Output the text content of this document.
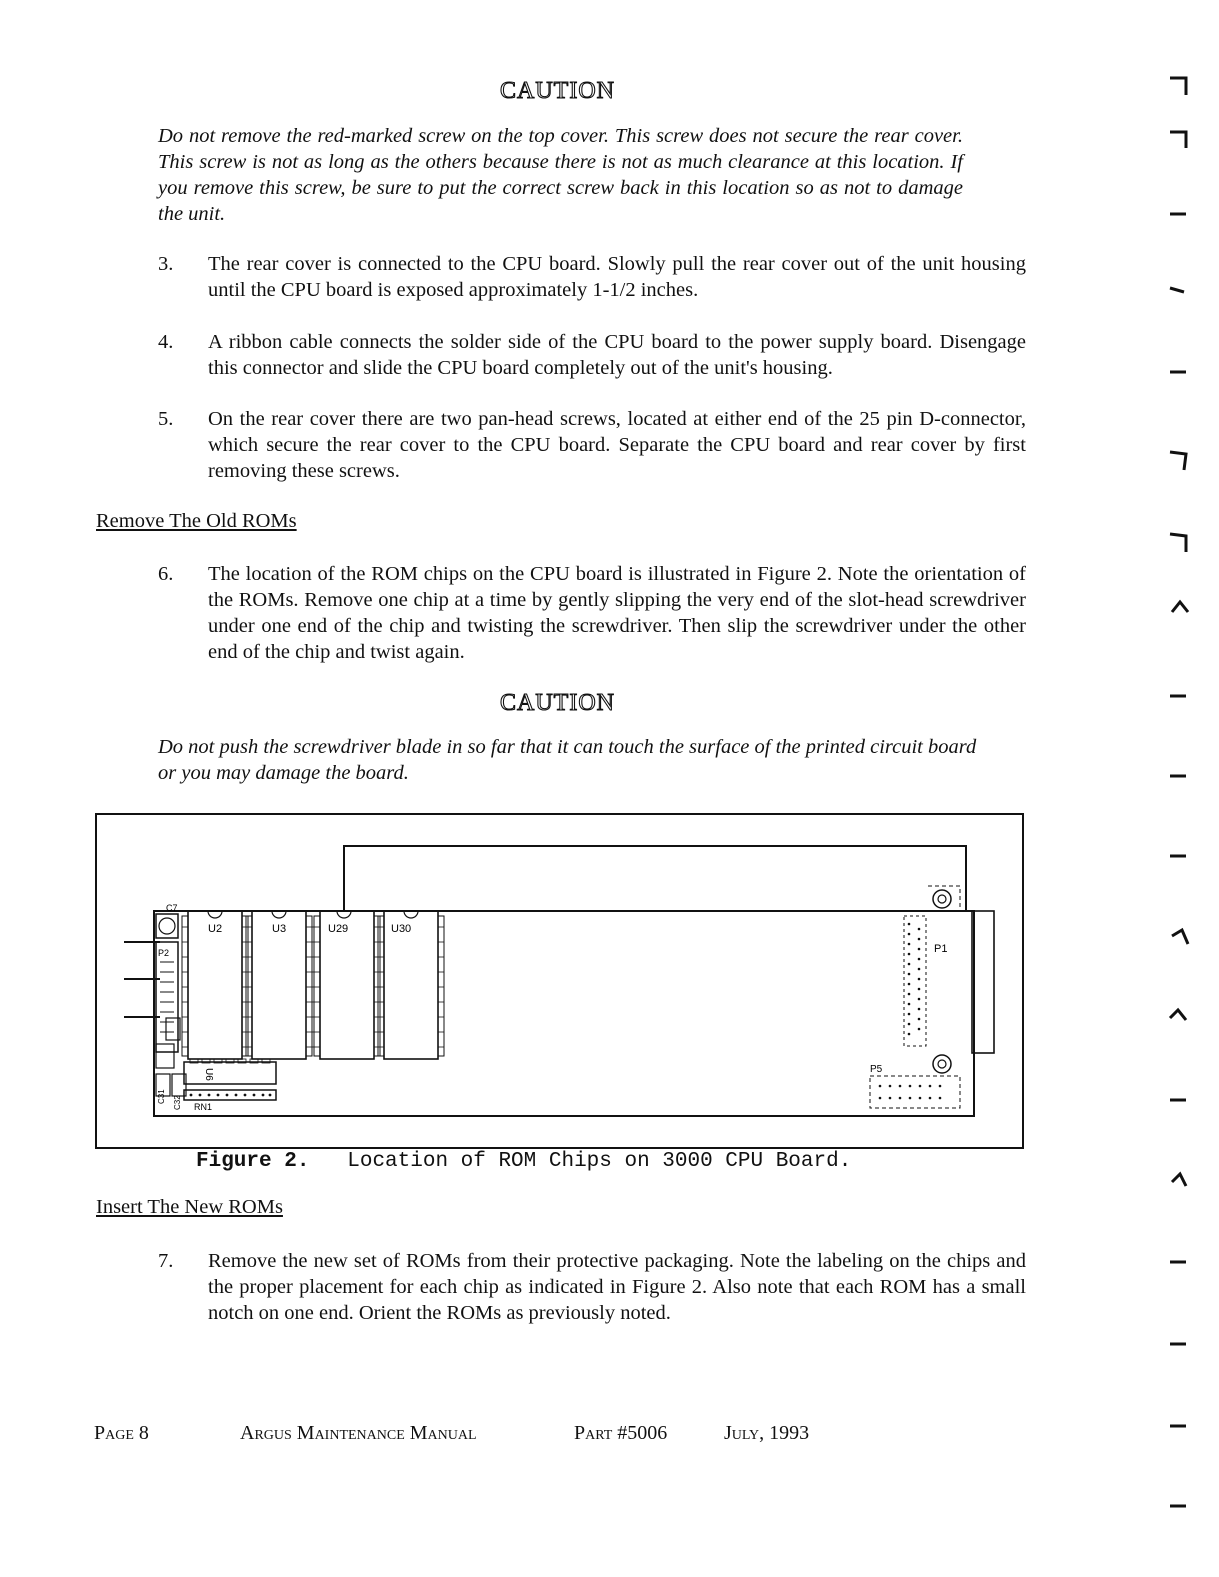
CAUTION

Do not remove the red-marked screw on the top cover. This screw does not secure the rear cover. This screw is not as long as the others because there is not as much clearance at this location. If you remove this screw, be sure to put the correct screw back in this location so as not to damage the unit.

3. The rear cover is connected to the CPU board. Slowly pull the rear cover out of the unit housing until the CPU board is exposed approximately 1-1/2 inches.
4. A ribbon cable connects the solder side of the CPU board to the power supply board. Disengage this connector and slide the CPU board completely out of the unit's housing.
5. On the rear cover there are two pan-head screws, located at either end of the 25 pin D-connector, which secure the rear cover to the CPU board. Separate the CPU board and rear cover by first removing these screws.
Remove The Old ROMs
6. The location of the ROM chips on the CPU board is illustrated in Figure 2. Note the orientation of the ROMs. Remove one chip at a time by gently slipping the very end of the slot-head screwdriver under one end of the chip and twisting the screwdriver. Then slip the screwdriver under the other end of the chip and twist again.
CAUTION

Do not push the screwdriver blade in so far that it can touch the surface of the printed circuit board or you may damage the board.

C7
P2
C31 C32
U6
RN1
U2	U3	U29	U30
P1
P5
Figure 2. Location of ROM Chips on 3000 CPU Board.
Insert The New ROMs
7. Remove the new set of ROMs from their protective packaging. Note the labeling on the chips and the proper placement for each chip as indicated in Figure 2. Also note that each ROM has a small notch on one end. Orient the ROMs as previously noted.
Page 8	Argus Maintenance Manual	Part #5006	July, 1993
